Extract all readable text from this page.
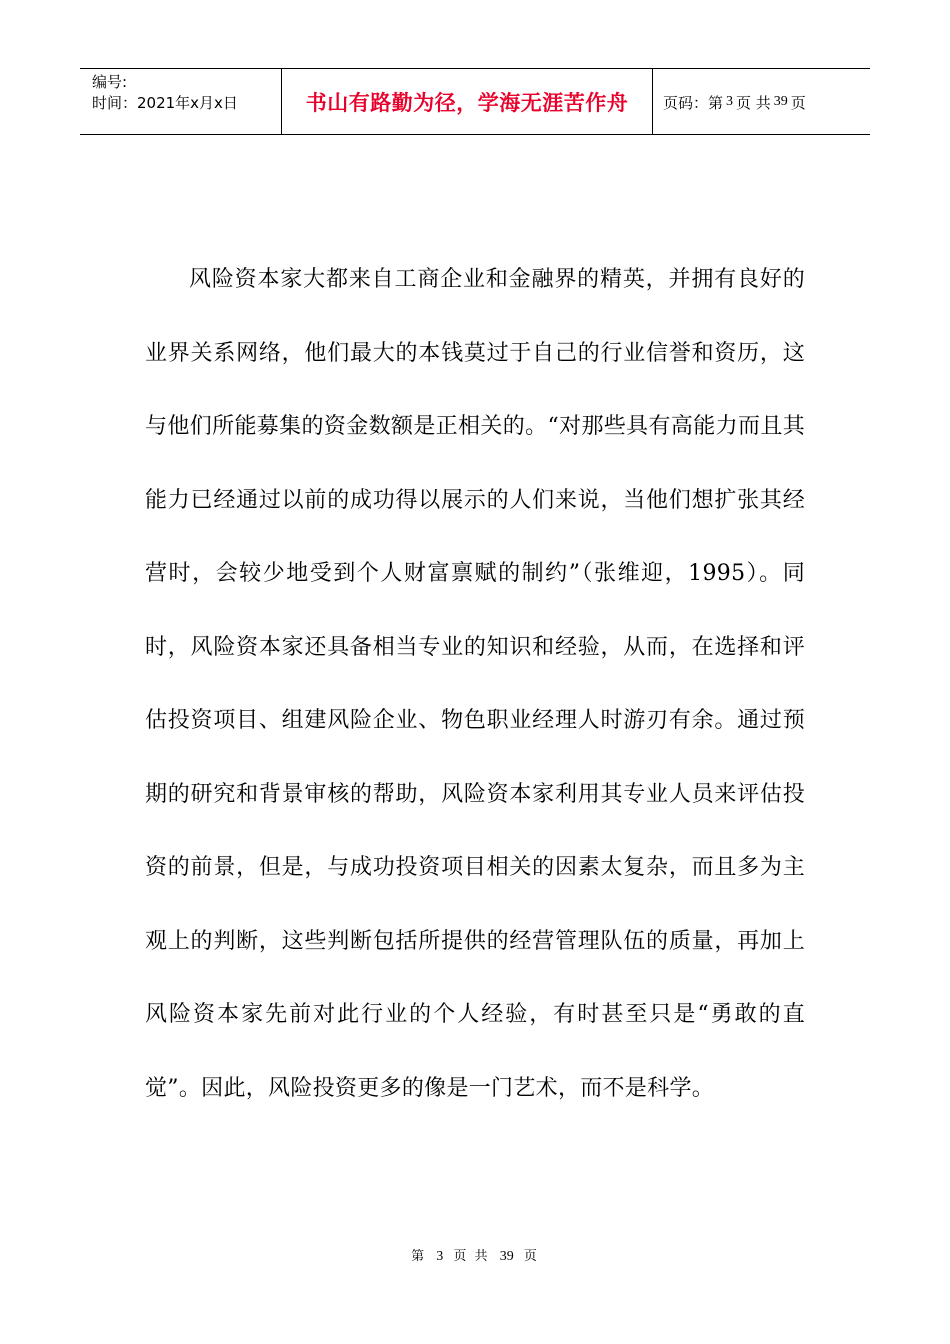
编号:
时间：2021年x月x日	书山有路勤为径，学海无涯苦作舟	页码：第 3 页 共 39 页

风险资本家大都来自工商企业和金融界的精英，并拥有良好的业界关系网络，他们最大的本钱莫过于自己的行业信誉和资历，这与他们所能募集的资金数额是正相关的。“对那些具有高能力而且其能力已经通过以前的成功得以展示的人们来说，当他们想扩张其经营时，会较少地受到个人财富禀赋的制约”（张维迎，1995）。同时，风险资本家还具备相当专业的知识和经验，从而，在选择和评估投资项目、组建风险企业、物色职业经理人时游刃有余。通过预期的研究和背景审核的帮助，风险资本家利用其专业人员来评估投资的前景，但是，与成功投资项目相关的因素太复杂，而且多为主观上的判断，这些判断包括所提供的经营管理队伍的质量，再加上风险资本家先前对此行业的个人经验，有时甚至只是“勇敢的直觉”。因此，风险投资更多的像是一门艺术，而不是科学。

第 3 页 共 39 页
